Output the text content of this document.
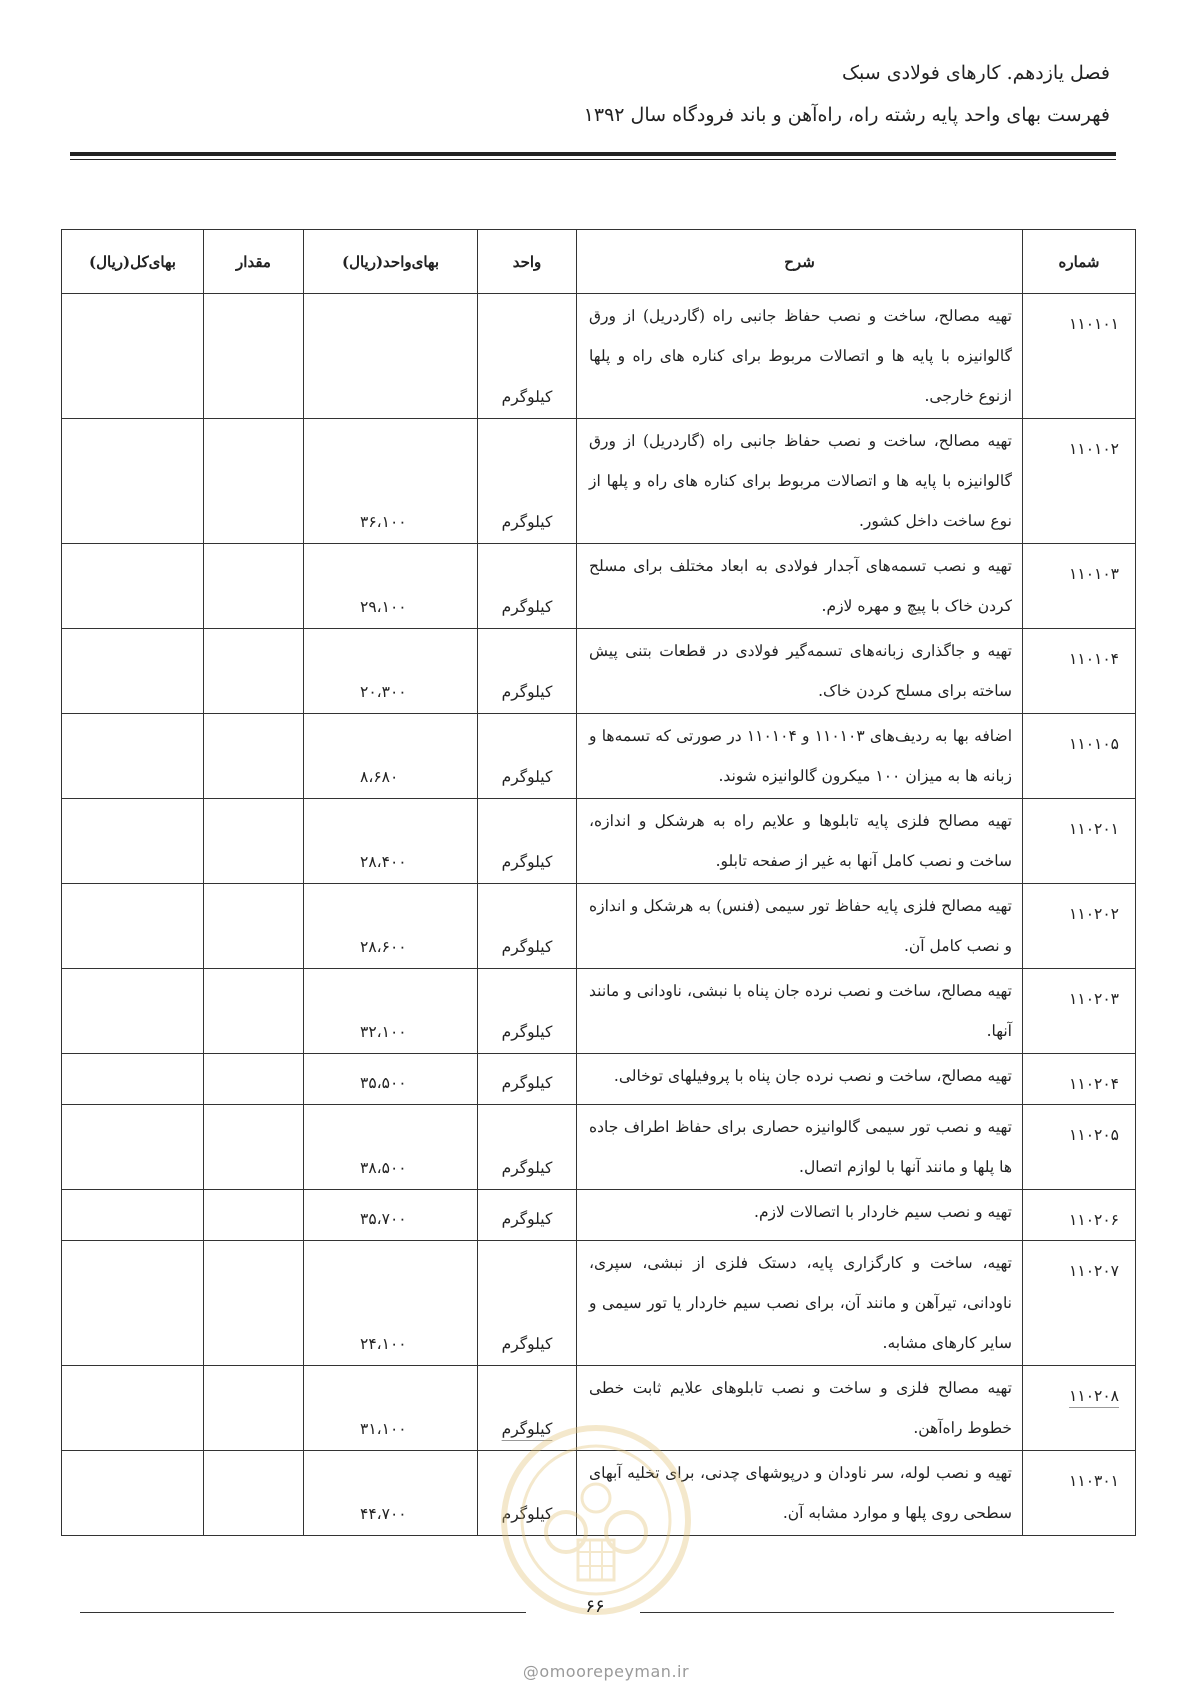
فصل یازدهم. کارهای فولادی سبک
فهرست بهای واحد پایه رشته راه، راه‌آهن و باند فرودگاه سال ۱۳۹۲
شماره	شرح	واحد	بهای‌واحد(ریال)	مقدار	بهای‌کل(ریال)
۱۱۰۱۰۱	تهیه مصالح، ساخت و نصب حفاظ جانبی راه (گاردریل) از ورق گالوانیزه با پایه ها و اتصالات مربوط برای کناره های راه و پلها ازنوع خارجی.	کیلوگرم			
۱۱۰۱۰۲	تهیه مصالح، ساخت و نصب حفاظ جانبی راه (گاردریل) از ورق گالوانیزه با پایه ها و اتصالات مربوط برای کناره های راه و پلها از نوع ساخت داخل کشور.	کیلوگرم	۳۶،۱۰۰		
۱۱۰۱۰۳	تهیه و نصب تسمه‌های آجدار فولادی به ابعاد مختلف برای مسلح کردن خاک با پیچ و مهره لازم.	کیلوگرم	۲۹،۱۰۰		
۱۱۰۱۰۴	تهیه و جاگذاری زبانه‌های تسمه‌گیر فولادی در قطعات بتنی پیش ساخته برای مسلح کردن خاک.	کیلوگرم	۲۰،۳۰۰		
۱۱۰۱۰۵	اضافه بها به ردیف‌های ۱۱۰۱۰۳ و ۱۱۰۱۰۴ در صورتی که تسمه‌ها و زبانه ها به میزان ۱۰۰ میکرون گالوانیزه شوند.	کیلوگرم	۸،۶۸۰		
۱۱۰۲۰۱	تهیه مصالح فلزی پایه تابلوها و علایم راه به هرشکل و اندازه، ساخت و نصب کامل آنها به غیر از صفحه تابلو.	کیلوگرم	۲۸،۴۰۰		
۱۱۰۲۰۲	تهیه مصالح فلزی پایه حفاظ تور سیمی (فنس) به هرشکل و اندازه و نصب کامل آن.	کیلوگرم	۲۸،۶۰۰		
۱۱۰۲۰۳	تهیه مصالح، ساخت و نصب نرده جان پناه با نبشی، ناودانی و مانند آنها.	کیلوگرم	۳۲،۱۰۰		
۱۱۰۲۰۴	تهیه مصالح، ساخت و نصب نرده جان پناه با پروفیلهای توخالی.	کیلوگرم	۳۵،۵۰۰		
۱۱۰۲۰۵	تهیه و نصب تور سیمی گالوانیزه حصاری برای حفاظ اطراف جاده ها پلها و مانند آنها با لوازم اتصال.	کیلوگرم	۳۸،۵۰۰		
۱۱۰۲۰۶	تهیه و نصب سیم خاردار با اتصالات لازم.	کیلوگرم	۳۵،۷۰۰		
۱۱۰۲۰۷	تهیه، ساخت و کارگزاری پایه، دستک فلزی از نبشی، سپری، ناودانی، تیرآهن و مانند آن، برای نصب سیم خاردار یا تور سیمی و سایر کارهای مشابه.	کیلوگرم	۲۴،۱۰۰		
۱۱۰۲۰۸	تهیه مصالح فلزی و ساخت و نصب تابلوهای علایم ثابت خطی خطوط راه‌آهن.	کیلوگرم	۳۱،۱۰۰		
۱۱۰۳۰۱	تهیه و نصب لوله، سر ناودان و درپوشهای چدنی، برای تخلیه آبهای سطحی روی پلها و موارد مشابه آن.	کیلوگرم	۴۴،۷۰۰		
۶۶
@omoorepeyman.ir
